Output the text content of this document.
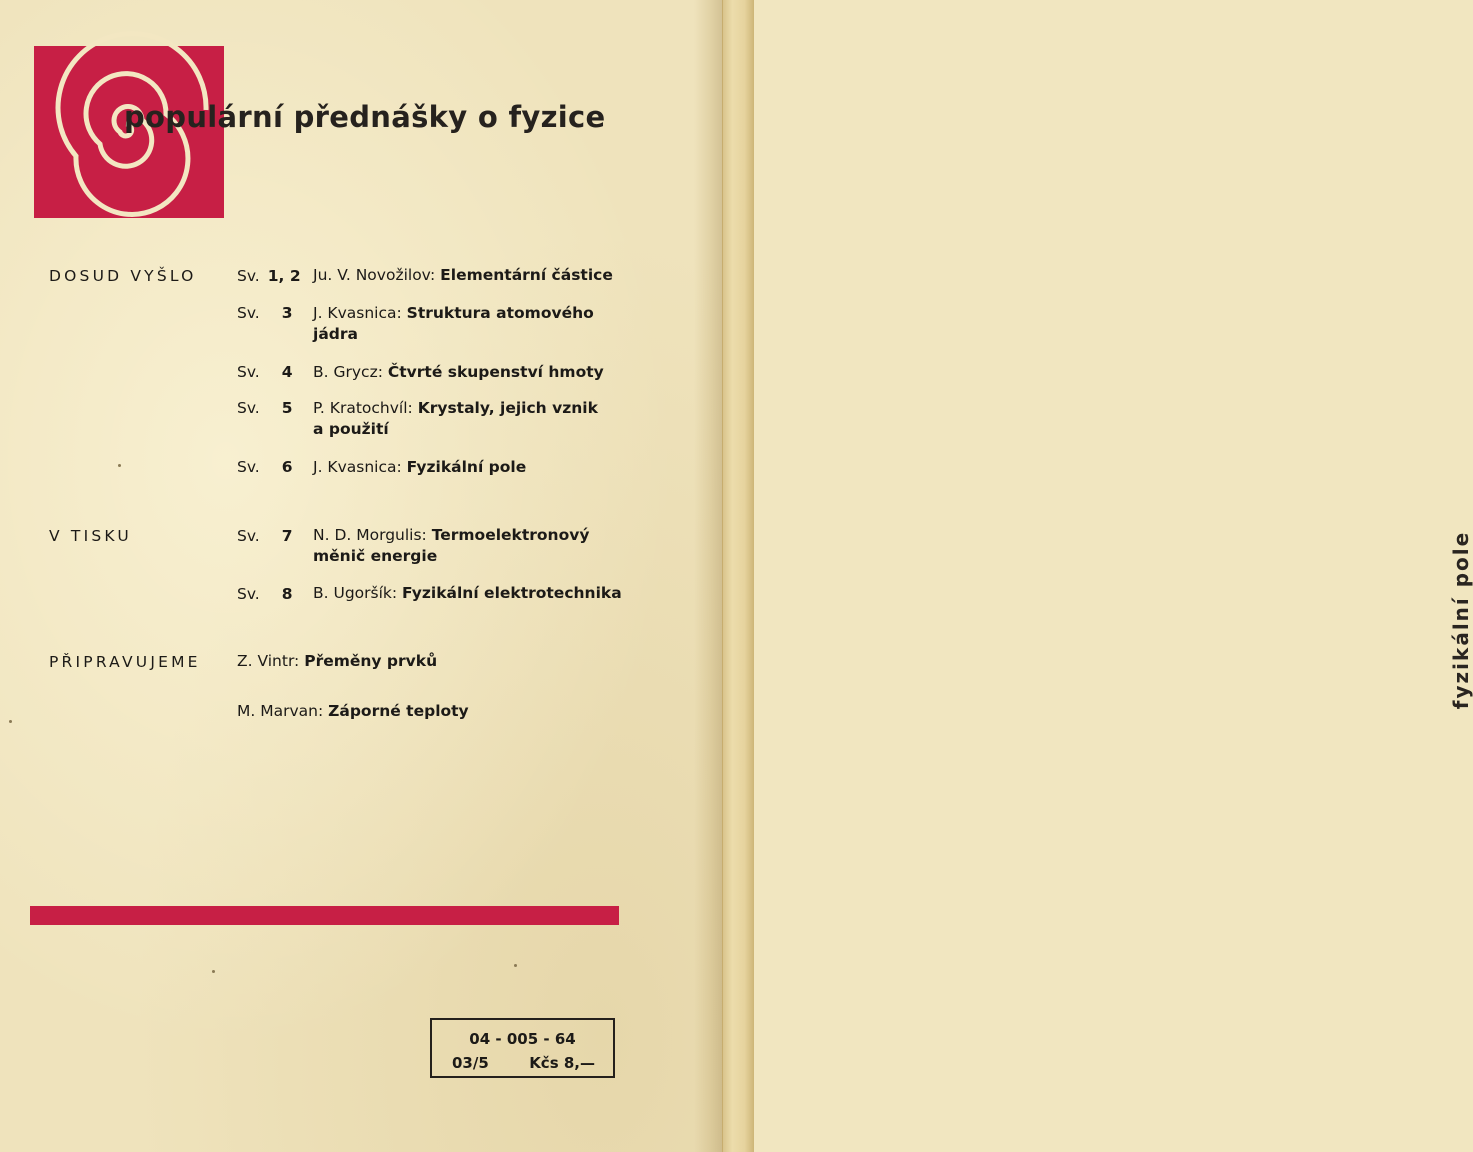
fyzikální pole
populární přednášky o fyzice
DOSUD VYŠLO	Sv. 1, 2 Ju. V. Novožilov: Elementární částice
Sv. 3 J. Kvasnica: Struktura atomového jádra
Sv. 4 B. Grycz: Čtvrté skupenství hmoty
Sv. 5 P. Kratochvíl: Krystaly, jejich vznik a použití
Sv. 6 J. Kvasnica: Fyzikální pole
V TISKU	Sv. 7 N. D. Morgulis: Termoelektronový měnič energie
Sv. 8 B. Ugoršík: Fyzikální elektrotechnika
PŘIPRAVUJEME Z. Vintr: Přeměny prvků
M. Marvan: Záporné teploty
04 - 005 - 64
03/5	Kčs 8,—
